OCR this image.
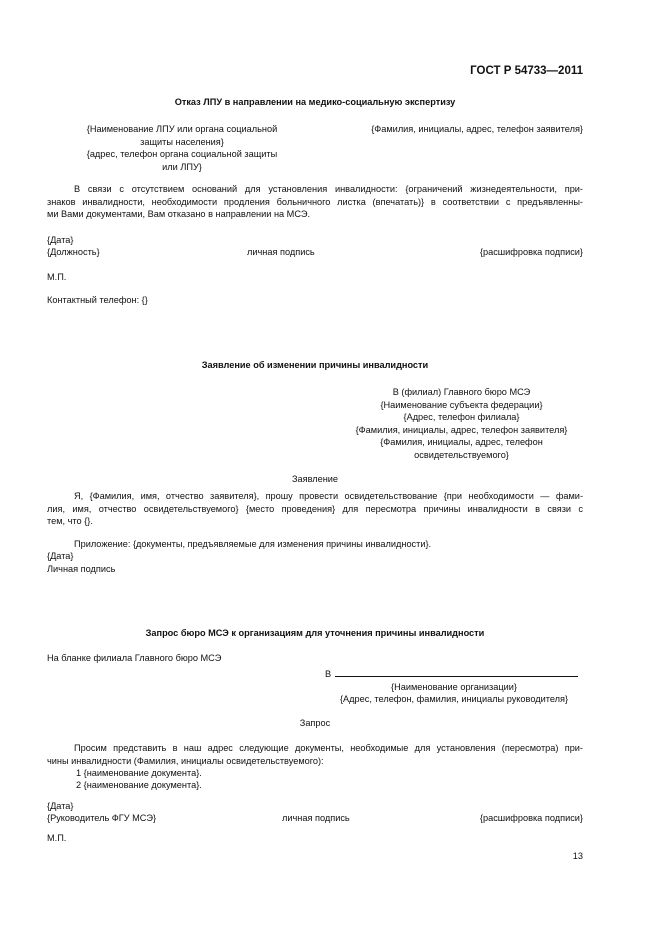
ГОСТ Р 54733—2011
Отказ ЛПУ в направлении на медико-социальную экспертизу
{Наименование ЛПУ или органа социальной
защиты населения}
{адрес, телефон органа социальной защиты
или ЛПУ}
{Фамилия, инициалы, адрес, телефон заявителя}
В связи с отсутствием оснований для установления инвалидности: {ограничений жизнедеятельности, при-
знаков инвалидности, необходимости продления больничного листка (впечатать)} в соответствии с предъявленны-
ми Вами документами, Вам отказано в направлении на МСЭ.
{Дата}
{Должность}	личная подпись	{расшифровка подписи}
М.П.
Контактный телефон: {}
Заявление об изменении причины инвалидности
В (филиал) Главного бюро МСЭ
{Наименование субъекта федерации}
{Адрес, телефон филиала}
{Фамилия, инициалы, адрес, телефон заявителя}
{Фамилия, инициалы, адрес, телефон
освидетельствуемого}
Заявление
Я, {Фамилия, имя, отчество заявителя}, прошу провести освидетельствование {при необходимости — фами-
лия, имя, отчество освидетельствуемого} {место проведения} для пересмотра причины инвалидности в связи с
тем, что {}.
Приложение: {документы, предъявляемые для изменения причины инвалидности}.
{Дата}
Личная подпись
Запрос бюро МСЭ к организациям для уточнения причины инвалидности
На бланке филиала Главного бюро МСЭ
В
{Наименование организации}
{Адрес, телефон, фамилия, инициалы руководителя}
Запрос
Просим представить в наш адрес следующие документы, необходимые для установления (пересмотра) при-
чины инвалидности (Фамилия, инициалы освидетельствуемого):
1 {наименование документа}.
2 {наименование документа}.
{Дата}
{Руководитель ФГУ МСЭ}	личная подпись	{расшифровка подписи}
М.П.
13
